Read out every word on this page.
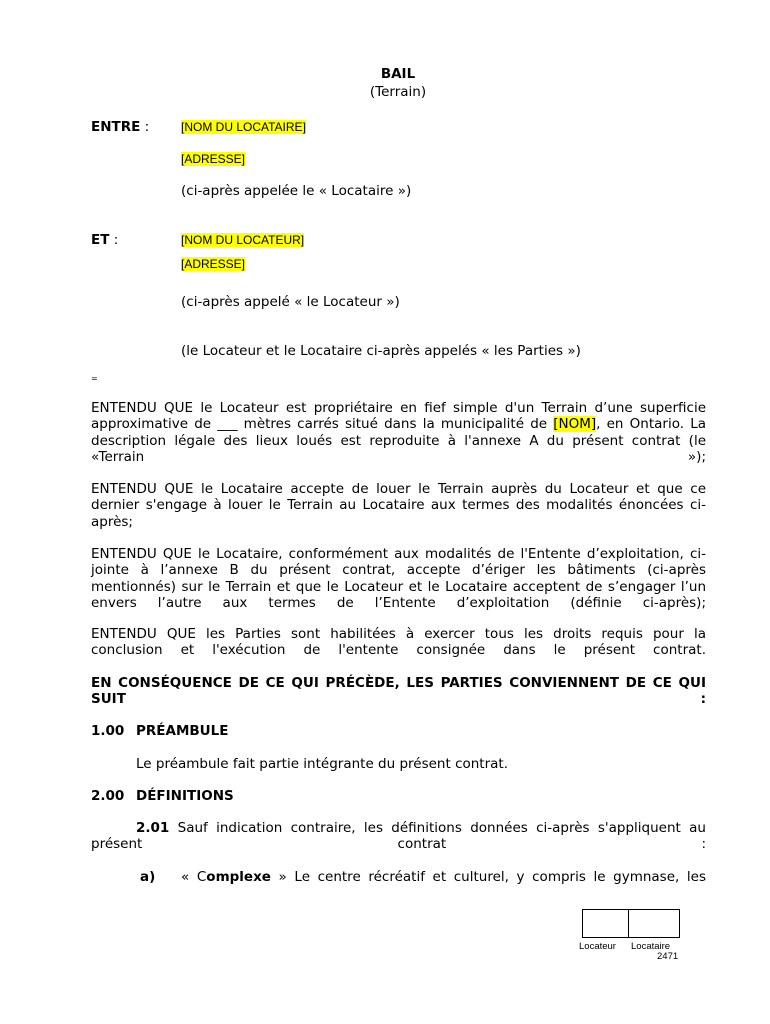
BAIL
(Terrain)
ENTRE :	[NOM DU LOCATAIRE]
[ADRESSE]
(ci-après appelée le « Locataire »)
ET :	[NOM DU LOCATEUR]
[ADRESSE]
(ci-après appelé « le Locateur »)
(le Locateur et le Locataire ci-après appelés « les Parties »)
=

ENTENDU QUE le Locateur est propriétaire en fief simple d'un Terrain d’une superficie approximative de ___ mètres carrés situé dans la municipalité de [NOM], en Ontario. La description légale des lieux loués est reproduite à l'annexe A du présent contrat (le «Terrain »);

ENTENDU QUE le Locataire accepte de louer le Terrain auprès du Locateur et que ce dernier s'engage à louer le Terrain au Locataire aux termes des modalités énoncées ci-après;

ENTENDU QUE le Locataire, conformément aux modalités de l'Entente d’exploitation, ci-jointe à l’annexe B du présent contrat, accepte d’ériger les bâtiments (ci-après mentionnés) sur le Terrain et que le Locateur et le Locataire acceptent de s’engager l’un envers l’autre aux termes de l’Entente d’exploitation (définie ci-après);

ENTENDU QUE les Parties sont habilitées à exercer tous les droits requis pour la conclusion et l'exécution de l'entente consignée dans le présent contrat.

EN CONSÉQUENCE DE CE QUI PRÉCÈDE, LES PARTIES CONVIENNENT DE CE QUI SUIT :

1.00 PRÉAMBULE
Le préambule fait partie intégrante du présent contrat.
2.00 DÉFINITIONS

2.01 Sauf indication contraire, les définitions données ci-après s'appliquent au présent contrat :

a) « Complexe » Le centre récréatif et culturel, y compris le gymnase, les
Locateur Locataire
2471
